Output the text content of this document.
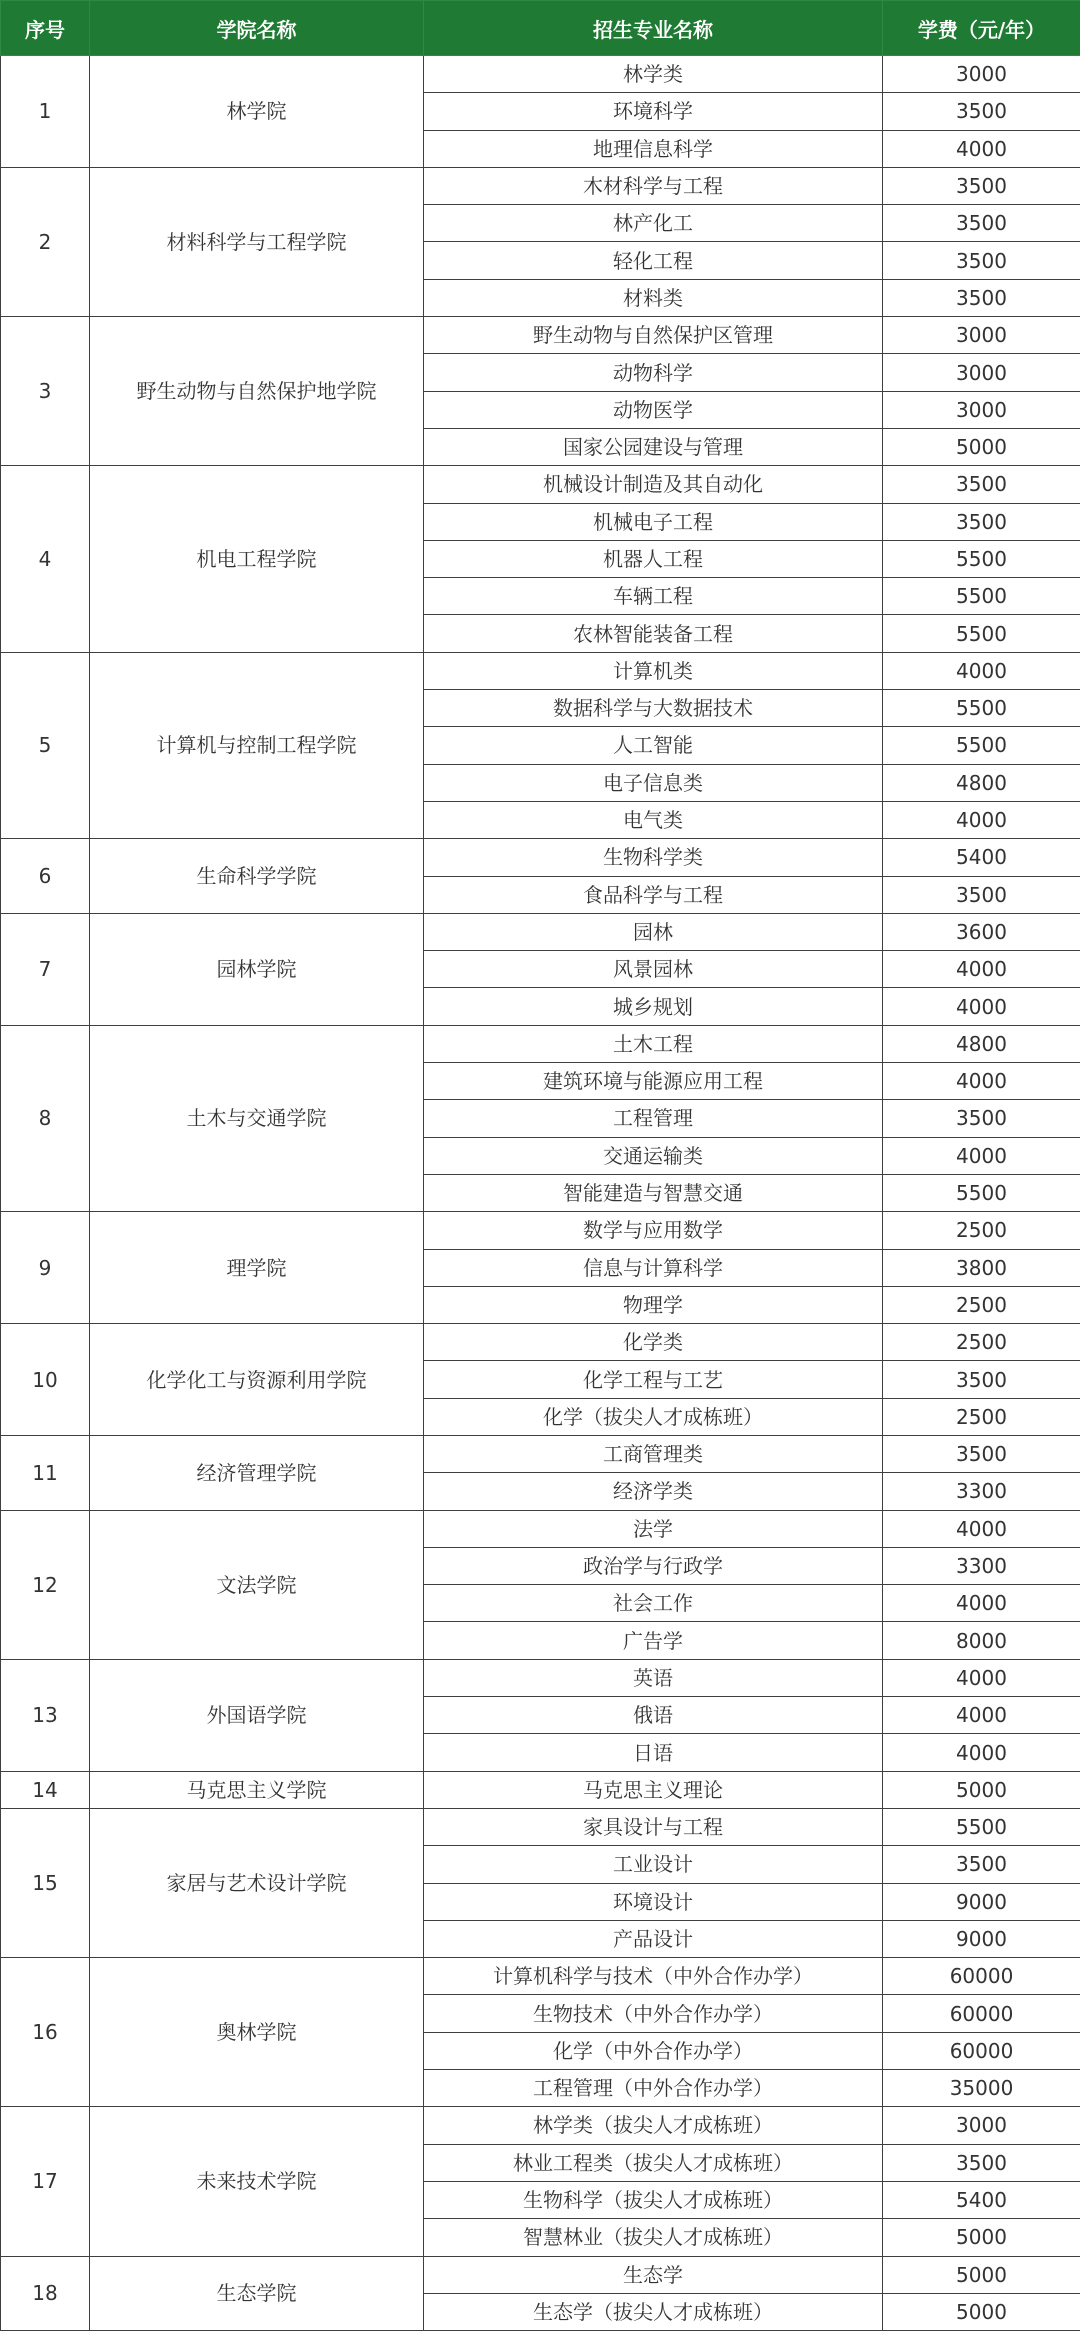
序号	学院名称	招生专业名称	学费（元/年）
1	林学院	林学类	3000
		环境科学	3500
		地理信息科学	4000
2	材料科学与工程学院	木材科学与工程	3500
		林产化工	3500
		轻化工程	3500
		材料类	3500
3	野生动物与自然保护地学院	野生动物与自然保护区管理	3000
		动物科学	3000
		动物医学	3000
		国家公园建设与管理	5000
4	机电工程学院	机械设计制造及其自动化	3500
		机械电子工程	3500
		机器人工程	5500
		车辆工程	5500
		农林智能装备工程	5500
5	计算机与控制工程学院	计算机类	4000
		数据科学与大数据技术	5500
		人工智能	5500
		电子信息类	4800
		电气类	4000
6	生命科学学院	生物科学类	5400
		食品科学与工程	3500
7	园林学院	园林	3600
		风景园林	4000
		城乡规划	4000
8	土木与交通学院	土木工程	4800
		建筑环境与能源应用工程	4000
		工程管理	3500
		交通运输类	4000
		智能建造与智慧交通	5500
9	理学院	数学与应用数学	2500
		信息与计算科学	3800
		物理学	2500
10	化学化工与资源利用学院	化学类	2500
		化学工程与工艺	3500
		化学（拔尖人才成栋班）	2500
11	经济管理学院	工商管理类	3500
		经济学类	3300
12	文法学院	法学	4000
		政治学与行政学	3300
		社会工作	4000
		广告学	8000
13	外国语学院	英语	4000
		俄语	4000
		日语	4000
14	马克思主义学院	马克思主义理论	5000
15	家居与艺术设计学院	家具设计与工程	5500
		工业设计	3500
		环境设计	9000
		产品设计	9000
16	奥林学院	计算机科学与技术（中外合作办学）	60000
		生物技术（中外合作办学）	60000
		化学（中外合作办学）	60000
		工程管理（中外合作办学）	35000
17	未来技术学院	林学类（拔尖人才成栋班）	3000
		林业工程类（拔尖人才成栋班）	3500
		生物科学（拔尖人才成栋班）	5400
		智慧林业（拔尖人才成栋班）	5000
18	生态学院	生态学	5000
		生态学（拔尖人才成栋班）	5000
